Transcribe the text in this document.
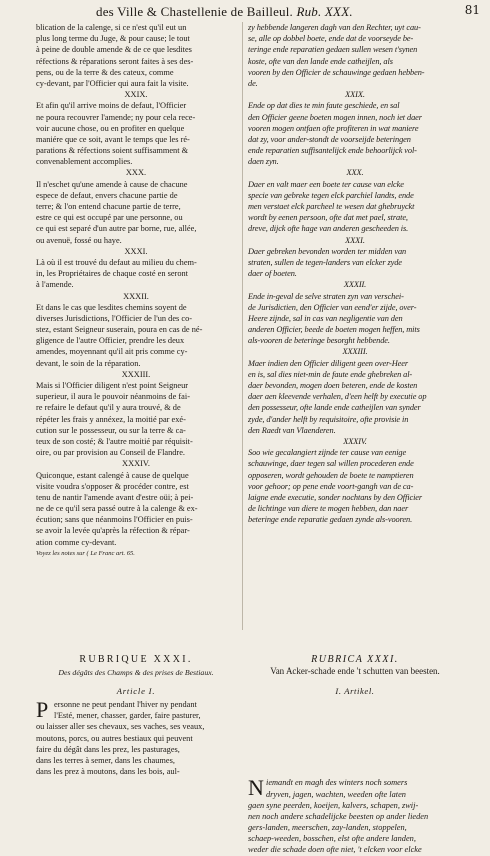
des Ville & Chastellenie de Bailleul. Rub. XXX.	81
blication de la calenge, si ce n'est qu'il eut un
plus long terme du Juge, & pour cause; le tout
à peine de double amende & de ce que lesdites
réfections & réparations seront faites à ses des-
pens, ou de la terre & des cateux, comme
cy-devant, par l'Officier qui aura fait la visite.
XXIX.
Et afin qu'il arrive moins de defaut, l'Officier
ne poura recouvrer l'amende; ny pour cela rece-
voir aucune chose, ou en profiter en quelque
maniére que ce soit, avant le temps que les ré-
parations & réfections soient suffisamment &
convenablement accomplies.
XXX.
Il n'eschet qu'une amende à cause de chacune
espece de defaut, envers chacune partie de
terre; & l'on entend chacune partie de terre,
estre ce qui est occupé par une personne, ou
ce qui est separé d'un autre par borne, rue, allée,
ou avenuë, fossé ou haye.
XXXI.
Là où il est trouvé du defaut au milieu du chem-
in, les Propriétaires de chaque costé en seront
à l'amende.
XXXII.
Et dans le cas que lesdites chemins soyent de
diverses Jurisdictions, l'Officier de l'un des co-
stez, estant Seigneur suserain, poura en cas de né-
gligence de l'autre Officier, prendre les deux
amendes, moyennant qu'il ait pris comme cy-
devant, le soin de la réparation.
XXXIII.
Mais si l'Officier diligent n'est point Seigneur
superieur, il aura le pouvoir néanmoins de fai-
re refaire le defaut qu'il y aura trouvé, & de
répéter les frais y annéxez, la moitié par exé-
cution sur le possesseur, ou sur la terre & ca-
teux de son costé; & l'autre moitié par réquisit-
oire, ou par provision au Conseil de Flandre.
XXXIV.
Quiconque, estant calengé à cause de quelque
visite voudra s'opposer & procéder contre, est
tenu de nantir l'amende avant d'estre oüi; à pei-
ne de ce qu'il sera passé outre à la calenge & ex-
écution; sans que néanmoins l'Officier en puis-
se avoir la levée qu'après la réfection & répar-
ation comme cy-devant.
Voyez les notes sur ( Le Franc art. 65.
zy hebbende langeren dagh van den Rechter, uyt cau-
se, alle op dobbel boete, ende dat de voorseyde be-
teringe ende reparatien gedaen sullen wesen t'synen
koste, ofte van den lande ende catheijlen, als
vooren by den Officier de schauwinge gedaen hebben-
de.
XXIX.
Ende op dat dies te min faute geschiede, en sal
den Officier geene boeten mogen innen, noch iet daer
vooren mogen ontfaen ofte profiteren in wat maniere
dat zy, voor ander-stondt de voorseijde beteringen
ende reparatien suffisantelijck ende behoorlijck vol-
daen zyn.
XXX.
Daer en valt maer een boete ter cause van elcke
specie van gebreke tegen elck parchiel landts, ende
men verstaet elck parcheel te wesen dat ghebruyckt
wordt by eenen persoon, ofte dat met pael, strate,
dreve, dijck ofte hage van anderen gescheeden is.
XXXI.
Daer gebreken bevonden worden ter midden van
straten, sullen de tegen-landers van elcker zyde
daer of boeten.
XXXII.
Ende in-geval de selve straten zyn van verschei-
de Jurisdictien, den Officier van eend'er zijde, over-
Heere zijnde, sal in cas van negligentie van den
anderen Officier, beede de boeten mogen heffen, mits
als-vooren de beteringe besorght hebbende.
XXXIII.
Maer indien den Officier diligent geen over-Heer
en is, sal dies niet-min de faute ende ghebreken al-
daer bevonden, mogen doen beteren, ende de kosten
daer aen kleevende verhalen, d'een helft by executie op
den possesseur, ofte lande ende catheijlen van synder
zyde, d'ander helft by requisitoire, ofte provisie in
den Raedt van Vlaenderen.
XXXIV.
Soo wie gecalangiert zijnde ter cause van eenige
schauwinge, daer tegen sal willen procederen ende
opposeren, wordt gehouden de boete te namptieren
voor gehoor; op pene ende voort-gangh van de ca-
laigne ende executie, sonder nochtans by den Officier
de lichtinge van diere te mogen hebben, dan naer
beteringe ende reparatie gedaen zynde als-vooren.
RUBRIQUE XXXI.	RUBRICA XXXI.
Des dégâts des Champs & des prises de Bestiaux.	Van Acker-schade ende 't schutten van beesten.
Article I.	I. Artikel.
P ersonne ne peut pendant l'hiver ny pendant
l'Esté, mener, chasser, garder, faire pasturer,
ou laisser aller ses chevaux, ses vaches, ses veaux,
moutons, porcs, ou autres bestiaux qui peuvent
faire du dégât dans les prez, les pasturages,
dans les terres à semer, dans les chaumes,
dans les prez à moutons, dans les bois, aul-
N iemandt en magh des winters noch somers
dryven, jagen, wachten, weeden ofte laten
gaen syne peerden, koeijen, kalvers, schapen, zwij-
nen noch andere schadelijcke beesten op ander lieden
gers-landen, meerschen, zay-landen, stoppelen,
schaep-weeden, bosschen, elst ofte andere landen,
weder die schade doen ofte niet, 't elcken voor elcke
